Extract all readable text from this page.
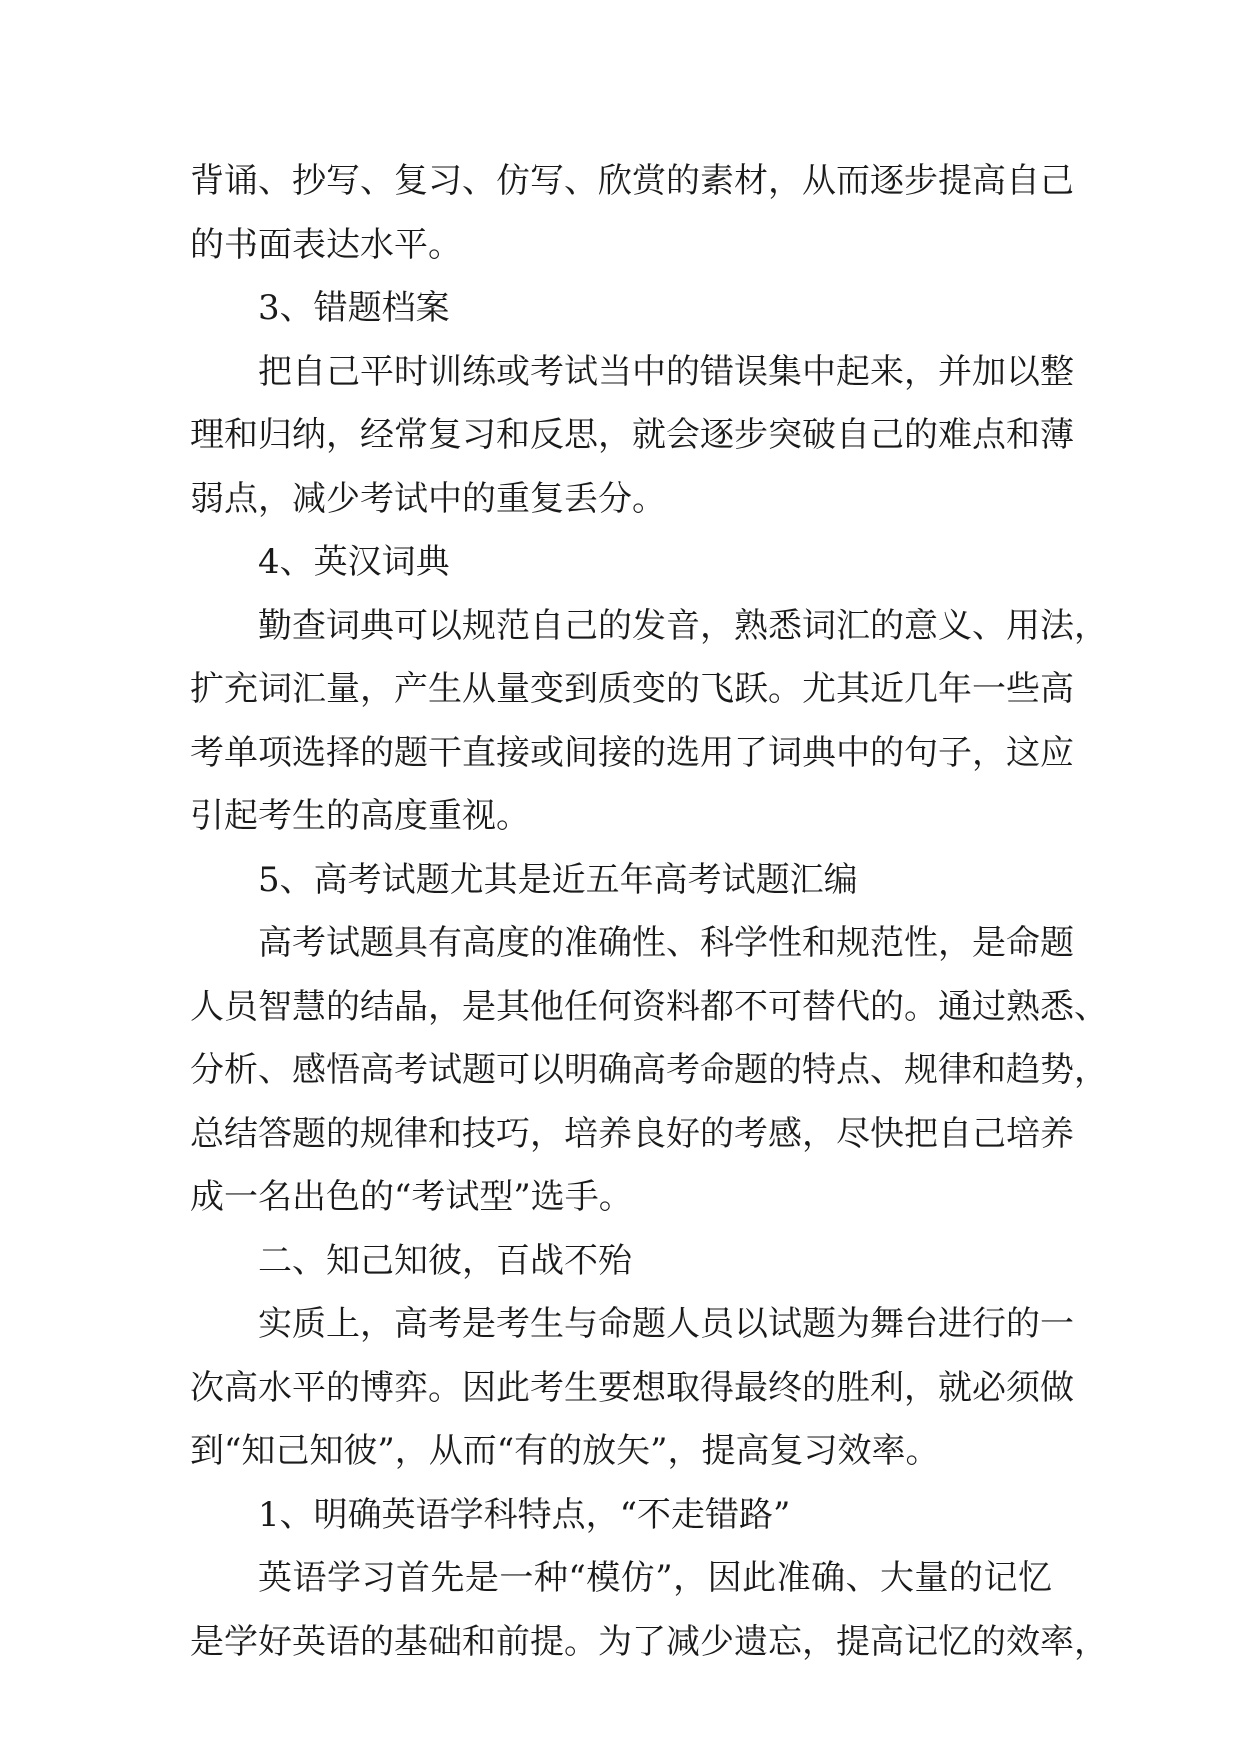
背诵、抄写、复习、仿写、欣赏的素材，从而逐步提高自己
的书面表达水平。
3、错题档案
把自己平时训练或考试当中的错误集中起来，并加以整
理和归纳，经常复习和反思，就会逐步突破自己的难点和薄
弱点，减少考试中的重复丢分。
4、英汉词典
勤查词典可以规范自己的发音，熟悉词汇的意义、用法，
扩充词汇量，产生从量变到质变的飞跃。尤其近几年一些高
考单项选择的题干直接或间接的选用了词典中的句子，这应
引起考生的高度重视。
5、高考试题尤其是近五年高考试题汇编
高考试题具有高度的准确性、科学性和规范性，是命题
人员智慧的结晶，是其他任何资料都不可替代的。通过熟悉、
分析、感悟高考试题可以明确高考命题的特点、规律和趋势，
总结答题的规律和技巧，培养良好的考感，尽快把自己培养
成一名出色的“考试型”选手。
二、知己知彼，百战不殆
实质上，高考是考生与命题人员以试题为舞台进行的一
次高水平的博弈。因此考生要想取得最终的胜利，就必须做
到“知己知彼”，从而“有的放矢”，提高复习效率。
1、明确英语学科特点，“不走错路”
英语学习首先是一种“模仿”，因此准确、大量的记忆
是学好英语的基础和前提。为了减少遗忘，提高记忆的效率，
